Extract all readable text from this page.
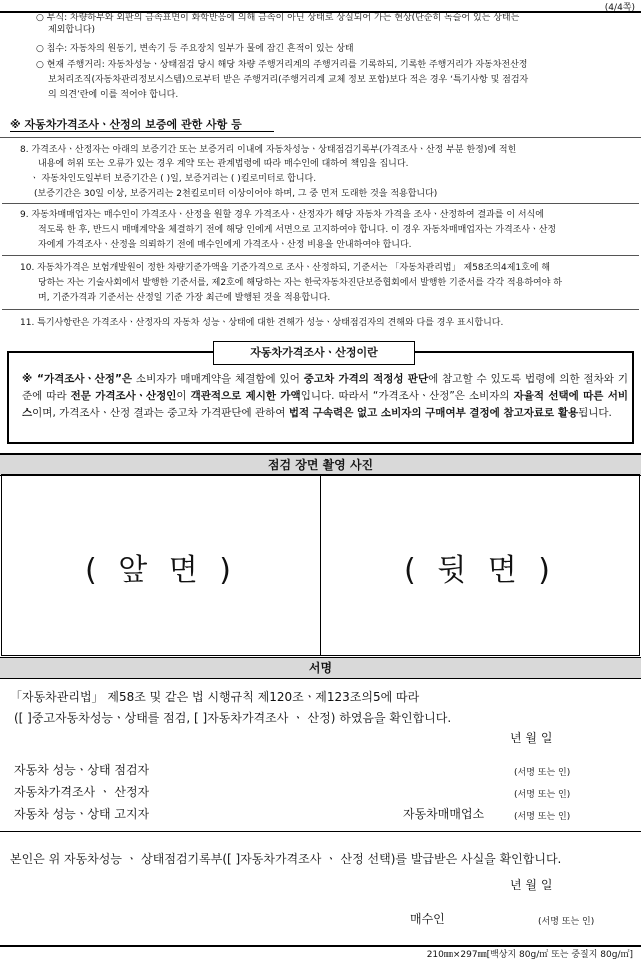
(4/4쪽)
○ 부식: 차량하부와 외판의 금속표면이 화학반응에 의해 금속이 아닌 상태로 상실되어 가는 현상(단순히 녹슬어 있는 상태는
제외합니다)
○ 침수: 자동차의 원동기, 변속기 등 주요장치 일부가 물에 잠긴 흔적이 있는 상태
○ 현재 주행거리: 자동차성능ㆍ상태점검 당시 해당 차량 주행거리계의 주행거리를 기록하되, 기록한 주행거리가 자동차전산정
보처리조직(자동차관리정보시스템)으로부터 받은 주행거리(주행거리계 교체 정보 포함)보다 적은 경우 ‘특기사항 및 점검자
의 의견’란에 이를 적어야 합니다.
※ 자동차가격조사ㆍ산정의 보증에 관한 사항 등
8. 가격조사ㆍ산정자는 아래의 보증기간 또는 보증거리 이내에 자동차성능ㆍ상태점검기록부(가격조사ㆍ산정 부분 한정)에 적힌
내용에 허위 또는 오류가 있는 경우 계약 또는 관계법령에 따라 매수인에 대하여 책임을 집니다.
ㆍ 자동차인도일부터 보증기간은 ( )일, 보증거리는 ( )킬로미터로 합니다.
(보증기간은 30일 이상, 보증거리는 2천킬로미터 이상이어야 하며, 그 중 먼저 도래한 것을 적용합니다)
9. 자동차매매업자는 매수인이 가격조사ㆍ산정을 원할 경우 가격조사ㆍ산정자가 해당 자동차 가격을 조사ㆍ산정하여 결과를 이 서식에
적도록 한 후, 반드시 매매계약을 체결하기 전에 해당 인에게 서면으로 고지하여야 합니다. 이 경우 자동차매매업자는 가격조사ㆍ산정
자에게 가격조사ㆍ산정을 의뢰하기 전에 매수인에게 가격조사ㆍ산정 비용을 안내하여야 합니다.
10. 자동차가격은 보험개발원이 정한 차량기준가액을 기준가격으로 조사ㆍ산정하되, 기준서는 「자동차관리법」 제58조의4제1호에 해
당하는 자는 기술사회에서 발행한 기준서를, 제2호에 해당하는 자는 한국자동차진단보증협회에서 발행한 기준서를 각각 적용하여야 하
며, 기준가격과 기준서는 산정일 기준 가장 최근에 발행된 것을 적용합니다.
11. 특기사항란은 가격조사ㆍ산정자의 자동차 성능ㆍ상태에 대한 견해가 성능ㆍ상태점검자의 견해와 다를 경우 표시합니다.
자동차가격조사ㆍ산정이란
※ “가격조사ㆍ산정”은 소비자가 매매계약을 체결함에 있어 중고차 가격의 적정성 판단에 참고할 수 있도록 법령에 의한 절차와 기준에 따라 전문 가격조사ㆍ산정인이 객관적으로 제시한 가액입니다. 따라서 “가격조사ㆍ산정”은 소비자의 자율적 선택에 따른 서비스이며, 가격조사ㆍ산정 결과는 중고차 가격판단에 관하여 법적 구속력은 없고 소비자의 구매여부 결정에 참고자료로 활용됩니다.
점검 장면 촬영 사진
( 앞 면 )	( 뒷 면 )
서명
「자동차관리법」 제58조 및 같은 법 시행규칙 제120조ㆍ제123조의5에 따라
([ ]중고자동차성능ㆍ상태를 점검, [ ]자동차가격조사 ㆍ 산정) 하였음을 확인합니다.
년 월 일
자동차 성능ㆍ상태 점검자	(서명 또는 인)
자동차가격조사 ㆍ 산정자	(서명 또는 인)
자동차 성능ㆍ상태 고지자	자동차매매업소	(서명 또는 인)
본인은 위 자동차성능 ㆍ 상태점검기록부([ ]자동차가격조사 ㆍ 산정 선택)를 발급받은 사실을 확인합니다.
년 월 일
매수인	(서명 또는 인)
210㎜×297㎜[백상지 80g/㎡ 또는 중질지 80g/㎡]
